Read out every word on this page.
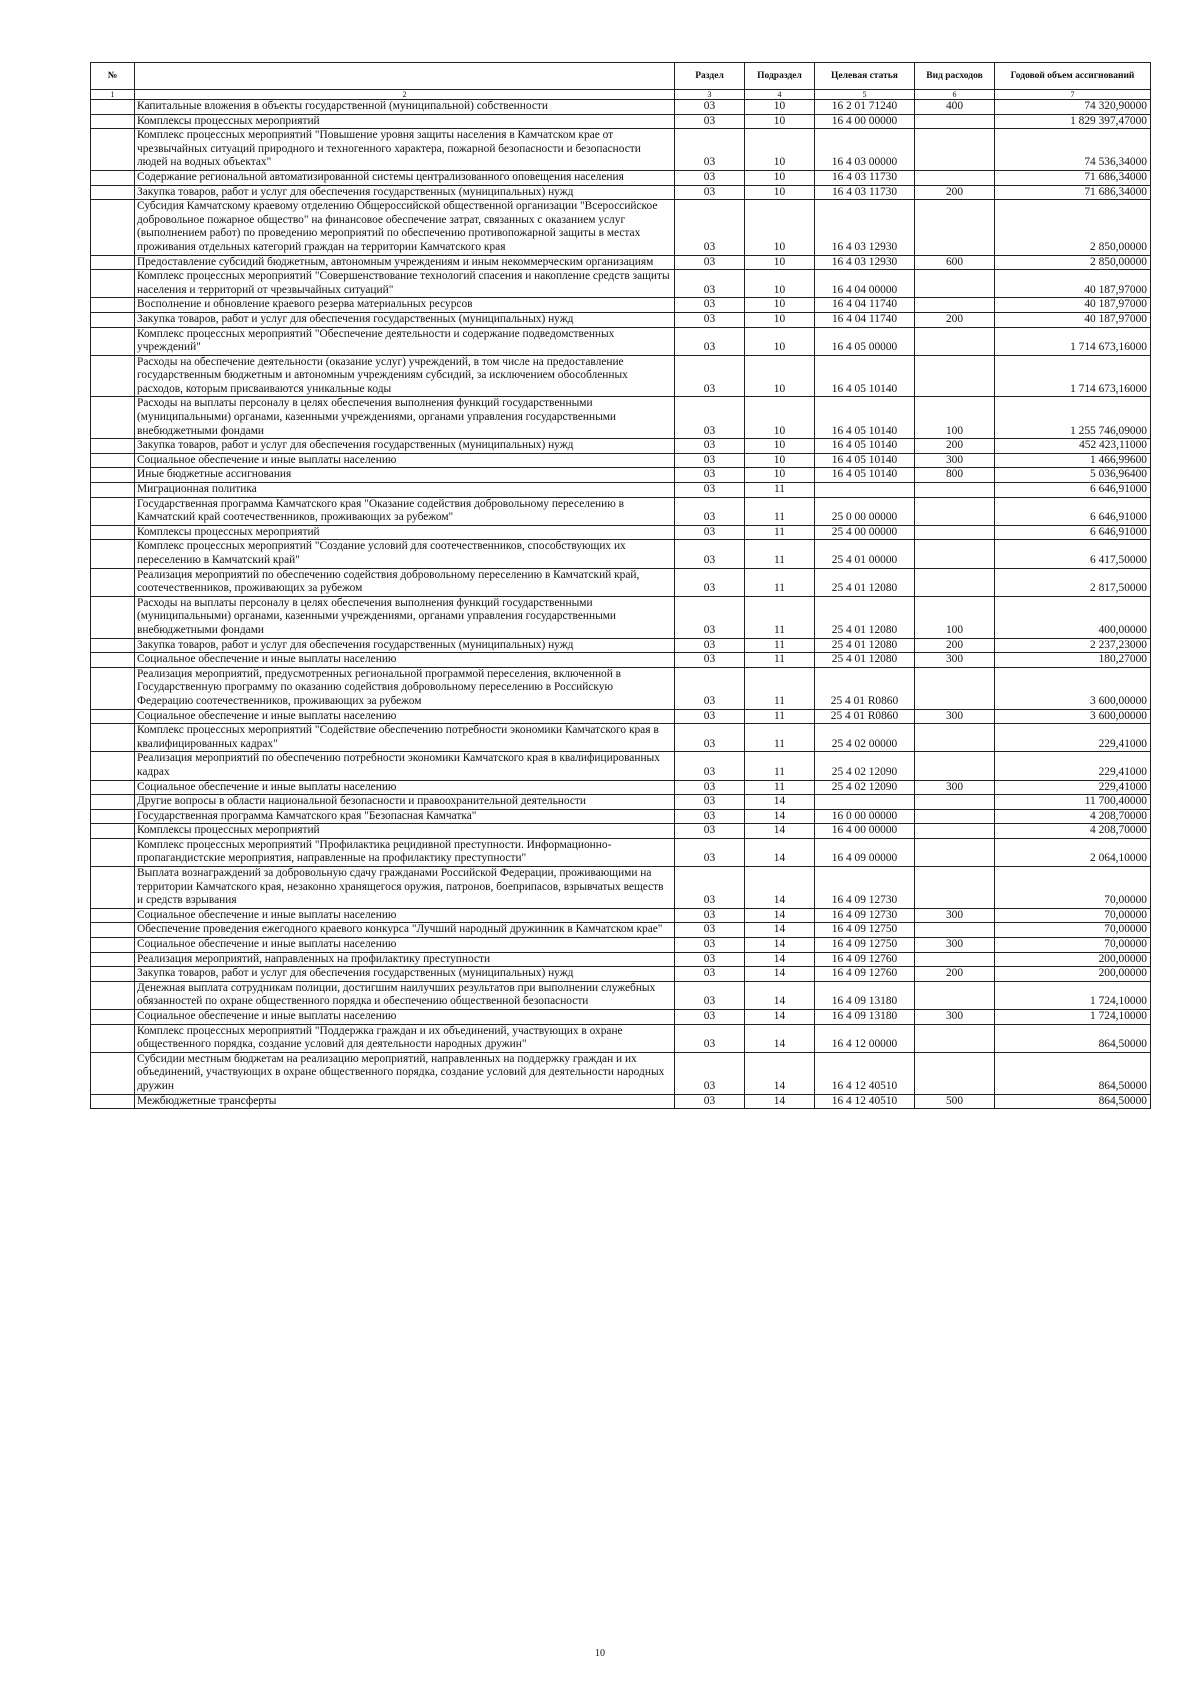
№		Раздел	Подраздел	Целевая статья	Вид расходов	Годовой объем ассигнований
1	2	3	4	5	6	7
	Капитальные вложения в объекты государственной (муниципальной) собственности	03	10	16 2 01 71240	400	74 320,90000
	Комплексы процессных мероприятий	03	10	16 4 00 00000		1 829 397,47000
	Комплекс процессных мероприятий "Повышение уровня защиты населения в Камчатском крае от чрезвычайных ситуаций природного и техногенного характера, пожарной безопасности и безопасности людей на водных объектах"	03	10	16 4 03 00000		74 536,34000
	Содержание региональной автоматизированной системы централизованного оповещения населения	03	10	16 4 03 11730		71 686,34000
	Закупка товаров, работ и услуг для обеспечения государственных (муниципальных) нужд	03	10	16 4 03 11730	200	71 686,34000
	Субсидия Камчатскому краевому отделению Общероссийской общественной организации "Всероссийское добровольное пожарное общество" на финансовое обеспечение затрат, связанных с оказанием услуг (выполнением работ) по проведению мероприятий по обеспечению противопожарной защиты в местах проживания отдельных категорий граждан на территории Камчатского края	03	10	16 4 03 12930		2 850,00000
	Предоставление субсидий бюджетным, автономным учреждениям и иным некоммерческим организациям	03	10	16 4 03 12930	600	2 850,00000
	Комплекс процессных мероприятий "Совершенствование технологий спасения и накопление средств защиты населения и территорий от чрезвычайных ситуаций"	03	10	16 4 04 00000		40 187,97000
	Восполнение и обновление краевого резерва материальных ресурсов	03	10	16 4 04 11740		40 187,97000
	Закупка товаров, работ и услуг для обеспечения государственных (муниципальных) нужд	03	10	16 4 04 11740	200	40 187,97000
	Комплекс процессных мероприятий "Обеспечение деятельности и содержание подведомственных учреждений"	03	10	16 4 05 00000		1 714 673,16000
	Расходы на обеспечение деятельности (оказание услуг) учреждений, в том числе на предоставление государственным бюджетным и автономным учреждениям субсидий, за исключением обособленных расходов, которым присваиваются уникальные коды	03	10	16 4 05 10140		1 714 673,16000
	Расходы на выплаты персоналу в целях обеспечения выполнения функций государственными (муниципальными) органами, казенными учреждениями, органами управления государственными внебюджетными фондами	03	10	16 4 05 10140	100	1 255 746,09000
	Закупка товаров, работ и услуг для обеспечения государственных (муниципальных) нужд	03	10	16 4 05 10140	200	452 423,11000
	Социальное обеспечение и иные выплаты населению	03	10	16 4 05 10140	300	1 466,99600
	Иные бюджетные ассигнования	03	10	16 4 05 10140	800	5 036,96400
	Миграционная политика	03	11			6 646,91000
	Государственная программа Камчатского края "Оказание содействия добровольному переселению в Камчатский край соотечественников, проживающих за рубежом"	03	11	25 0 00 00000		6 646,91000
	Комплексы процессных мероприятий	03	11	25 4 00 00000		6 646,91000
	Комплекс процессных мероприятий "Создание условий для соотечественников, способствующих их переселению в Камчатский край"	03	11	25 4 01 00000		6 417,50000
	Реализация мероприятий по обеспечению содействия добровольному переселению в Камчатский край, соотечественников, проживающих за рубежом	03	11	25 4 01 12080		2 817,50000
	Расходы на выплаты персоналу в целях обеспечения выполнения функций государственными (муниципальными) органами, казенными учреждениями, органами управления государственными внебюджетными фондами	03	11	25 4 01 12080	100	400,00000
	Закупка товаров, работ и услуг для обеспечения государственных (муниципальных) нужд	03	11	25 4 01 12080	200	2 237,23000
	Социальное обеспечение и иные выплаты населению	03	11	25 4 01 12080	300	180,27000
	Реализация мероприятий, предусмотренных региональной программой переселения, включенной в Государственную программу по оказанию содействия добровольному переселению в Российскую Федерацию соотечественников, проживающих за рубежом	03	11	25 4 01 R0860		3 600,00000
	Социальное обеспечение и иные выплаты населению	03	11	25 4 01 R0860	300	3 600,00000
	Комплекс процессных мероприятий "Содействие обеспечению потребности экономики Камчатского края в квалифицированных кадрах"	03	11	25 4 02 00000		229,41000
	Реализация мероприятий по обеспечению потребности экономики Камчатского края в квалифицированных кадрах	03	11	25 4 02 12090		229,41000
	Социальное обеспечение и иные выплаты населению	03	11	25 4 02 12090	300	229,41000
	Другие вопросы в области национальной безопасности и правоохранительной деятельности	03	14			11 700,40000
	Государственная программа Камчатского края "Безопасная Камчатка"	03	14	16 0 00 00000		4 208,70000
	Комплексы процессных мероприятий	03	14	16 4 00 00000		4 208,70000
	Комплекс процессных мероприятий "Профилактика рецидивной преступности. Информационно-пропагандистские мероприятия, направленные на профилактику преступности"	03	14	16 4 09 00000		2 064,10000
	Выплата вознаграждений за добровольную сдачу гражданами Российской Федерации, проживающими на территории Камчатского края, незаконно хранящегося оружия, патронов, боеприпасов, взрывчатых веществ и средств взрывания	03	14	16 4 09 12730		70,00000
	Социальное обеспечение и иные выплаты населению	03	14	16 4 09 12730	300	70,00000
	Обеспечение проведения ежегодного краевого конкурса "Лучший народный дружинник в Камчатском крае"	03	14	16 4 09 12750		70,00000
	Социальное обеспечение и иные выплаты населению	03	14	16 4 09 12750	300	70,00000
	Реализация мероприятий, направленных на профилактику преступности	03	14	16 4 09 12760		200,00000
	Закупка товаров, работ и услуг для обеспечения государственных (муниципальных) нужд	03	14	16 4 09 12760	200	200,00000
	Денежная выплата сотрудникам полиции, достигшим наилучших результатов при выполнении служебных обязанностей по охране общественного порядка и обеспечению общественной безопасности	03	14	16 4 09 13180		1 724,10000
	Социальное обеспечение и иные выплаты населению	03	14	16 4 09 13180	300	1 724,10000
	Комплекс процессных мероприятий "Поддержка граждан и их объединений, участвующих в охране общественного порядка, создание условий для деятельности народных дружин"	03	14	16 4 12 00000		864,50000
	Субсидии местным бюджетам на реализацию мероприятий, направленных на поддержку граждан и их объединений, участвующих в охране общественного порядка, создание условий для деятельности народных дружин	03	14	16 4 12 40510		864,50000
	Межбюджетные трансферты	03	14	16 4 12 40510	500	864,50000
10
